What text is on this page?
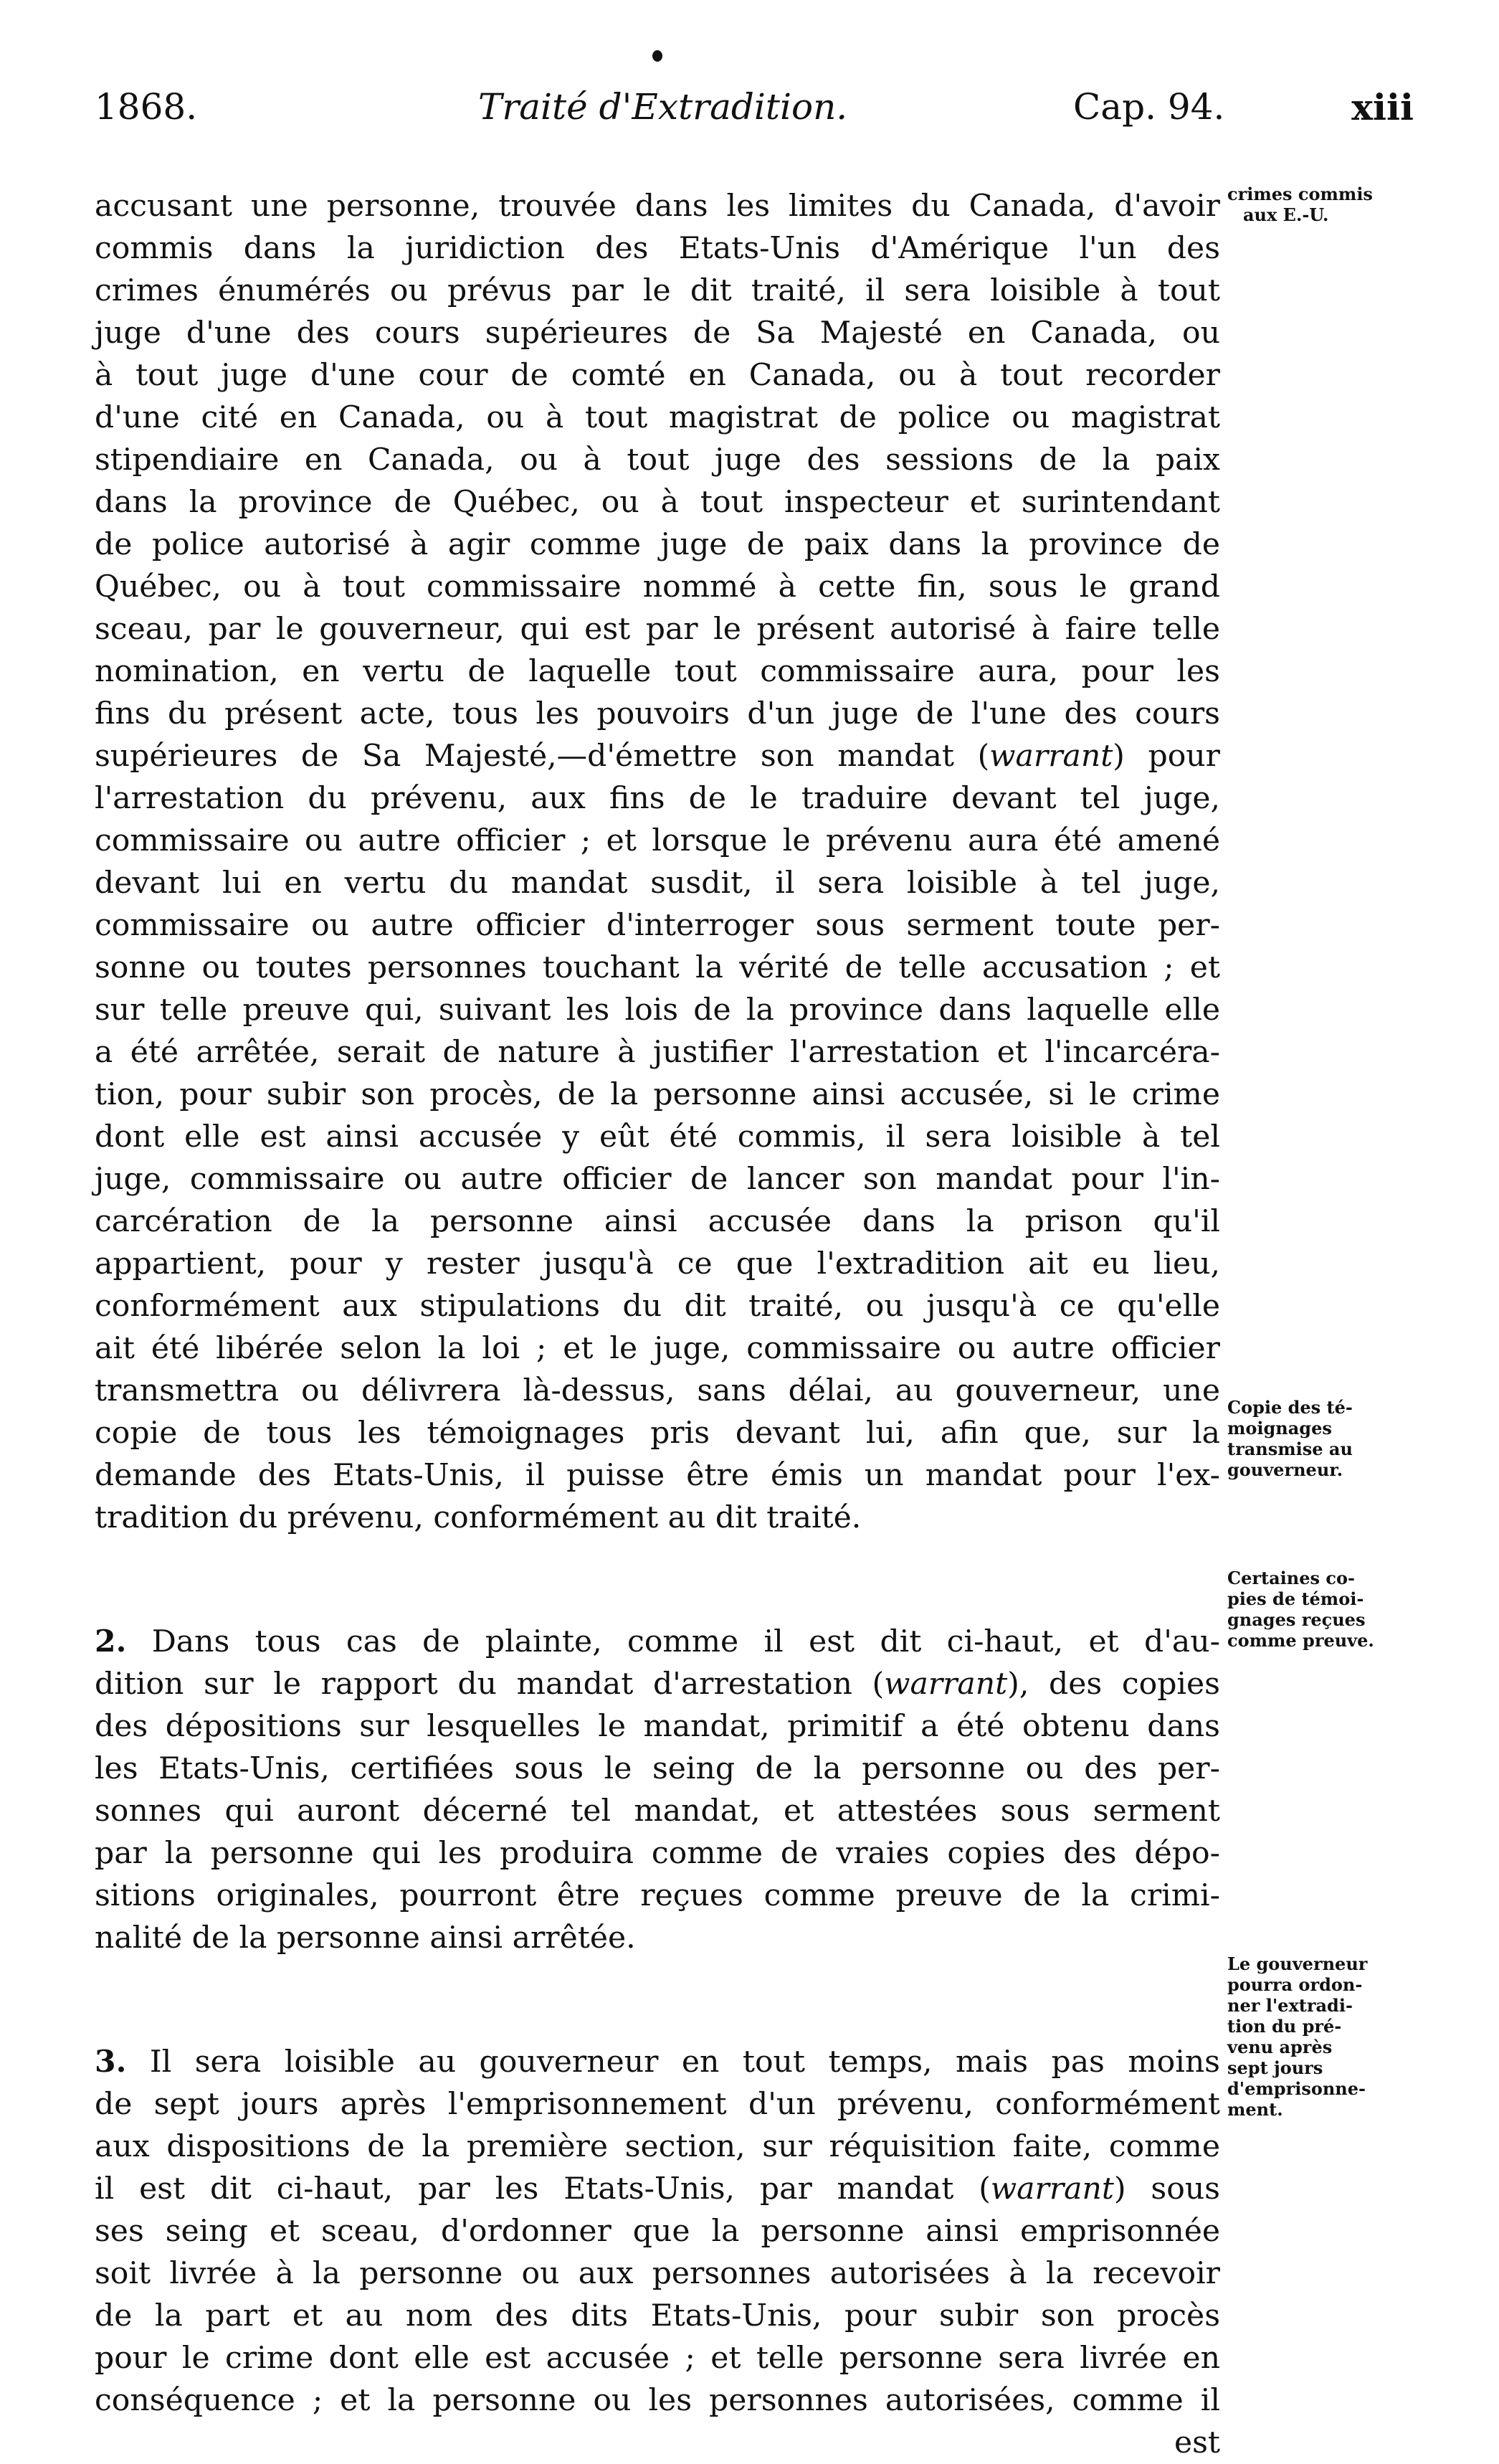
1868.	Traité d'Extradition.	Cap. 94.	xiii
accusant une personne, trouvée dans les limites du Canada, d'avoir
commis dans la juridiction des Etats-Unis d'Amérique l'un des
crimes énumérés ou prévus par le dit traité, il sera loisible à tout
juge d'une des cours supérieures de Sa Majesté en Canada, ou
à tout juge d'une cour de comté en Canada, ou à tout recorder
d'une cité en Canada, ou à tout magistrat de police ou magistrat
stipendiaire en Canada, ou à tout juge des sessions de la paix
dans la province de Québec, ou à tout inspecteur et surintendant
de police autorisé à agir comme juge de paix dans la province de
Québec, ou à tout commissaire nommé à cette fin, sous le grand
sceau, par le gouverneur, qui est par le présent autorisé à faire telle
nomination, en vertu de laquelle tout commissaire aura, pour les
fins du présent acte, tous les pouvoirs d'un juge de l'une des cours
supérieures de Sa Majesté,—d'émettre son mandat (warrant) pour
l'arrestation du prévenu, aux fins de le traduire devant tel juge,
commissaire ou autre officier ; et lorsque le prévenu aura été amené
devant lui en vertu du mandat susdit, il sera loisible à tel juge,
commissaire ou autre officier d'interroger sous serment toute per-
sonne ou toutes personnes touchant la vérité de telle accusation ; et
sur telle preuve qui, suivant les lois de la province dans laquelle elle
a été arrêtée, serait de nature à justifier l'arrestation et l'incarcéra-
tion, pour subir son procès, de la personne ainsi accusée, si le crime
dont elle est ainsi accusée y eût été commis, il sera loisible à tel
juge, commissaire ou autre officier de lancer son mandat pour l'in-
carcération de la personne ainsi accusée dans la prison qu'il
appartient, pour y rester jusqu'à ce que l'extradition ait eu lieu,
conformément aux stipulations du dit traité, ou jusqu'à ce qu'elle
ait été libérée selon la loi ; et le juge, commissaire ou autre officier
transmettra ou délivrera là-dessus, sans délai, au gouverneur, une
copie de tous les témoignages pris devant lui, afin que, sur la
demande des Etats-Unis, il puisse être émis un mandat pour l'ex-
tradition du prévenu, conformément au dit traité.
2. Dans tous cas de plainte, comme il est dit ci-haut, et d'au-
dition sur le rapport du mandat d'arrestation (warrant), des copies
des dépositions sur lesquelles le mandat, primitif a été obtenu dans
les Etats-Unis, certifiées sous le seing de la personne ou des per-
sonnes qui auront décerné tel mandat, et attestées sous serment
par la personne qui les produira comme de vraies copies des dépo-
sitions originales, pourront être reçues comme preuve de la crimi-
nalité de la personne ainsi arrêtée.
3. Il sera loisible au gouverneur en tout temps, mais pas moins
de sept jours après l'emprisonnement d'un prévenu, conformément
aux dispositions de la première section, sur réquisition faite, comme
il est dit ci-haut, par les Etats-Unis, par mandat (warrant) sous
ses seing et sceau, d'ordonner que la personne ainsi emprisonnée
soit livrée à la personne ou aux personnes autorisées à la recevoir
de la part et au nom des dits Etats-Unis, pour subir son procès
pour le crime dont elle est accusée ; et telle personne sera livrée en
conséquence ; et la personne ou les personnes autorisées, comme il
est
crimes commis
aux E.-U.
Copie des té-
moignages
transmise au
gouverneur.
Certaines co-
pies de témoi-
gnages reçues
comme preuve.
Le gouverneur
pourra ordon-
ner l'extradi-
tion du pré-
venu après
sept jours
d'emprisonne-
ment.
